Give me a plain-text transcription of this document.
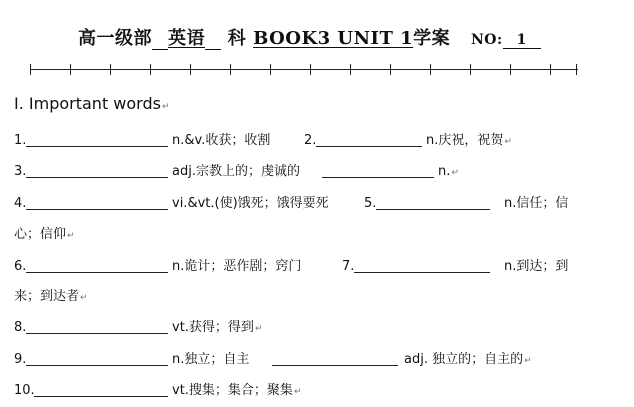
高一级部 英语 科 BOOK3 UNIT 1学案 NO: 1
Ⅰ. Important words↵
1.	n.&v.收获；收割	2.	n.庆祝，祝贺↵
3.	adj.宗教上的；虔诚的	n.↵
4.	vi.&vt.(使)饿死；饿得要死	5.	n.信任；信
心；信仰↵
6.	n.诡计；恶作剧；窍门	7.	n.到达；到
来；到达者↵
8.	vt.获得；得到↵
9.	n.独立；自主	adj. 独立的；自主的↵
10.	vt.搜集；集合；聚集↵
